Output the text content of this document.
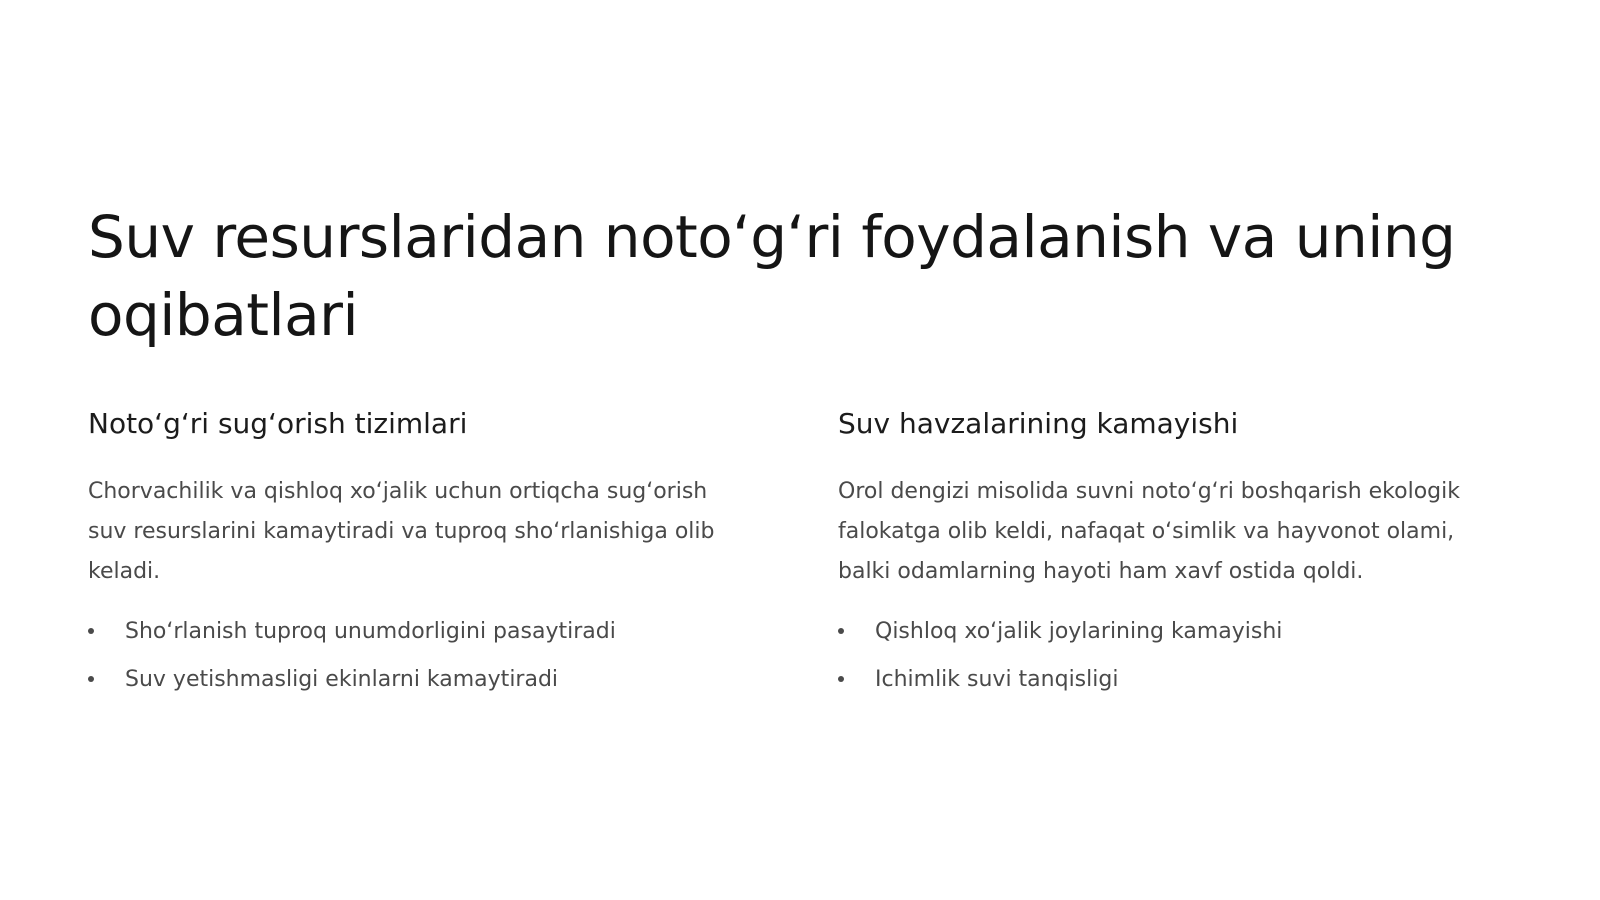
Suv resurslaridan noto‘g‘ri foydalanish va uning oqibatlari
Noto‘g‘ri sug‘orish tizimlari

Chorvachilik va qishloq xo‘jalik uchun ortiqcha sug‘orish suv resurslarini kamaytiradi va tuproq sho‘rlanishiga olib keladi.

Sho‘rlanish tuproq unumdorligini pasaytiradi
Suv yetishmasligi ekinlarni kamaytiradi
Suv havzalarining kamayishi

Orol dengizi misolida suvni noto‘g‘ri boshqarish ekologik falokatga olib keldi, nafaqat o‘simlik va hayvonot olami, balki odamlarning hayoti ham xavf ostida qoldi.

Qishloq xo‘jalik joylarining kamayishi
Ichimlik suvi tanqisligi
